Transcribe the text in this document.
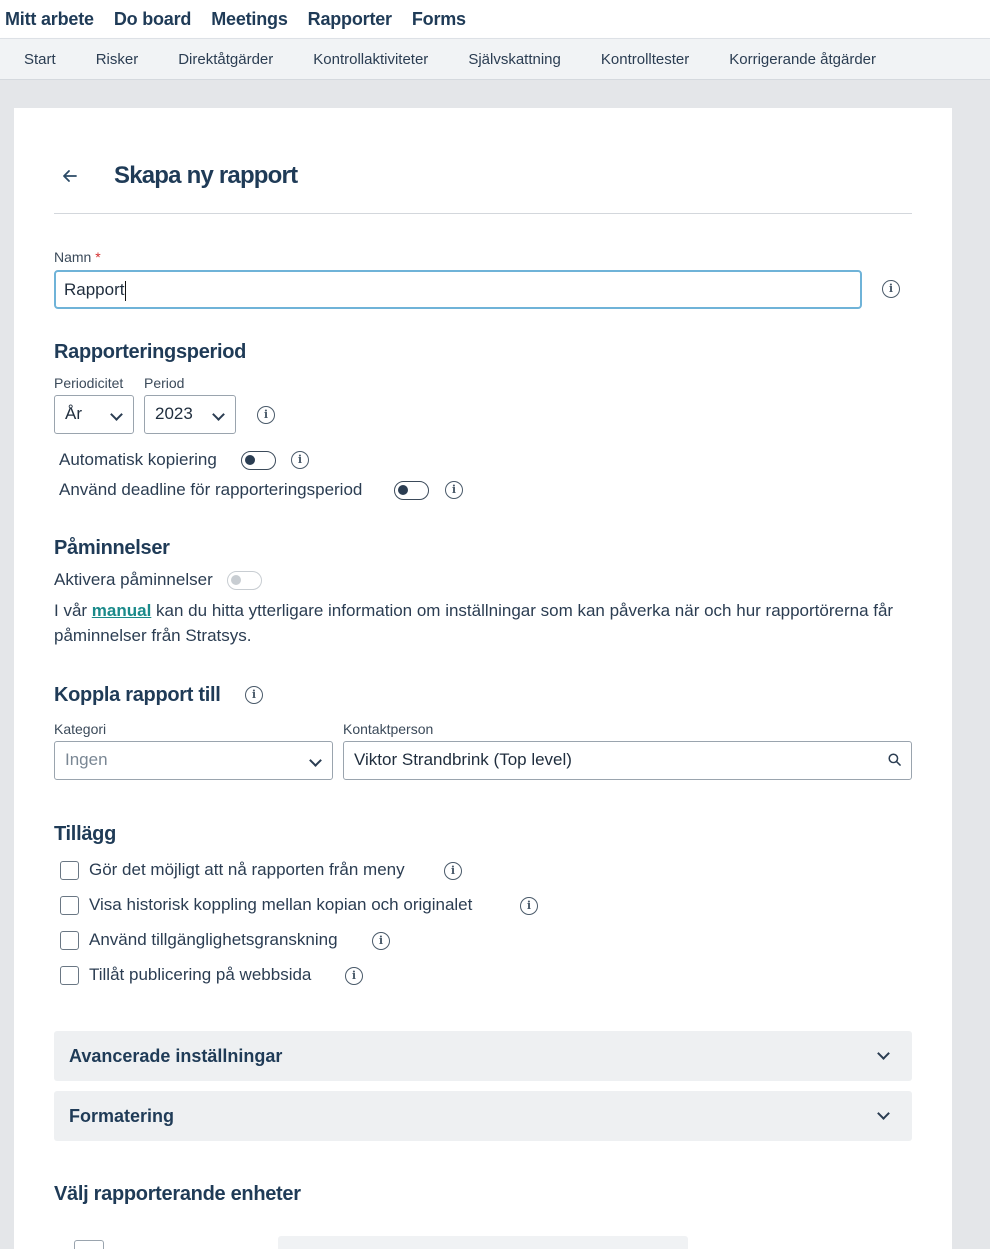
Mitt arbete Do board Meetings Rapporter Forms
Start	Risker	Direktåtgärder	Kontrollaktiviteter	Självskattning	Kontrolltester	Korrigerande åtgärder
Skapa ny rapport
Namn *
Rapport	i
Rapporteringsperiod
Periodicitet Period
År	2023	i
Automatisk kopiering	i
Använd deadline för rapporteringsperiod	i
Påminnelser
Aktivera påminnelser
I vår manual kan du hitta ytterligare information om inställningar som kan påverka när och hur rapportörerna får påminnelser från Stratsys.
Koppla rapport till	i
Kategori	Kontaktperson
Ingen	Viktor Strandbrink (Top level)
Tillägg
Gör det möjligt att nå rapporten från meny	i
Visa historisk koppling mellan kopian och originalet	i
Använd tillgänglighetsgranskning	i
Tillåt publicering på webbsida	i
Avancerade inställningar
Formatering
Välj rapporterande enheter
